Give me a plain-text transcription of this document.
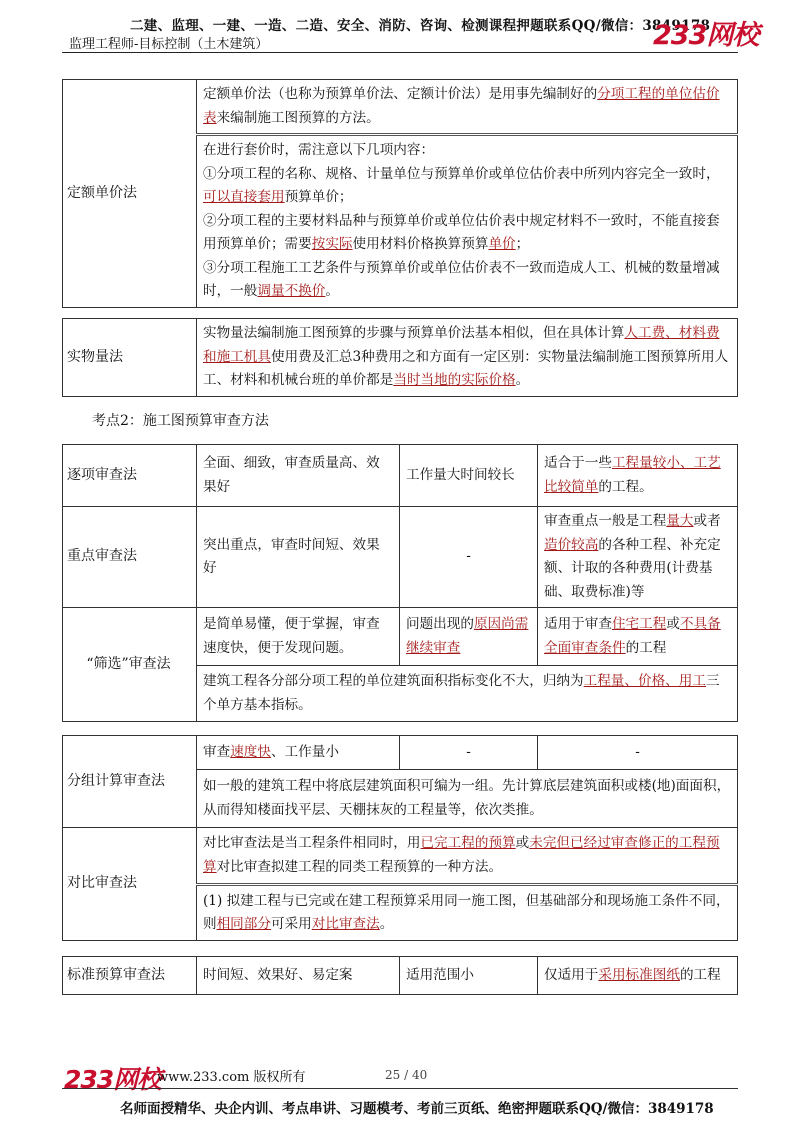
二建、监理、一建、一造、二造、安全、消防、咨询、检测课程押题联系QQ/微信：3849178
233网校
监理工程师-目标控制（土木建筑）
定额单价法	定额单价法（也称为预算单价法、定额计价法）是用事先编制好的分项工程的单位估价表来编制施工图预算的方法。

在进行套价时，需注意以下几项内容：
①分项工程的名称、规格、计量单位与预算单价或单位估价表中所列内容完全一致时，可以直接套用预算单价；
②分项工程的主要材料品种与预算单价或单位估价表中规定材料不一致时，不能直接套用预算单价；需要按实际使用材料价格换算预算单价；
③分项工程施工工艺条件与预算单价或单位估价表不一致而造成人工、机械的数量增减时，一般调量不换价。
实物量法	实物量法编制施工图预算的步骤与预算单价法基本相似，但在具体计算人工费、材料费和施工机具使用费及汇总3种费用之和方面有一定区别：实物量法编制施工图预算所用人工、材料和机械台班的单价都是当时当地的实际价格。
考点2：施工图预算审查方法
逐项审查法	全面、细致，审查质量高、效果好	工作量大时间较长	适合于一些工程量较小、工艺比较简单的工程。
重点审查法	突出重点，审查时间短、效果好	-	审查重点一般是工程量大或者造价较高的各种工程、补充定额、计取的各种费用(计费基础、取费标准)等
“筛选”审查法	是简单易懂，便于掌握，审查速度快，便于发现问题。	问题出现的原因尚需继续审查	适用于审查住宅工程或不具备全面审查条件的工程
	建筑工程各分部分项工程的单位建筑面积指标变化不大，归纳为工程量、价格、用工三个单方基本指标。		
分组计算审查法	审查速度快、工作量小	-	-
	如一般的建筑工程中将底层建筑面积可编为一组。先计算底层建筑面积或楼(地)面面积，从而得知楼面找平层、天棚抹灰的工程量等，依次类推。		
对比审查法	对比审查法是当工程条件相同时，用已完工程的预算或未完但已经过审查修正的工程预算对比审查拟建工程的同类工程预算的一种方法。		
	(1) 拟建工程与已完或在建工程预算采用同一施工图，但基础部分和现场施工条件不同，则相同部分可采用对比审查法。		
标准预算审查法	时间短、效果好、易定案	适用范围小	仅适用于采用标准图纸的工程
233网校
www.233.com 版权所有	25 / 40
名师面授精华、央企内训、考点串讲、习题模考、考前三页纸、绝密押题联系QQ/微信：3849178
